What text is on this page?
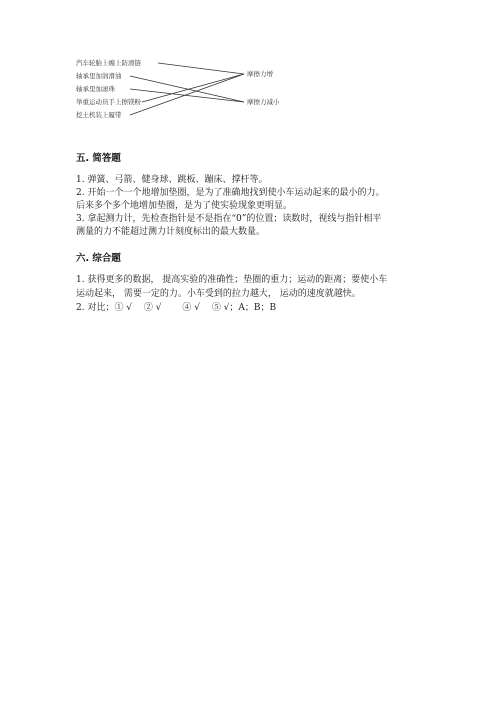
汽车轮胎上缠上防滑链
轴承里加润滑油
轴承里加滚珠
举重运动员手上擦镁粉
挖土机装上履带
摩擦力增
摩擦力减小
五. 简答题
1. 弹簧、弓箭、健身球、跳板、蹦床、撑杆等。
2. 开始一个一个地增加垫圈，是为了准确地找到使小车运动起来的最小的力。
后来多个多个地增加垫圈，是为了使实验现象更明显。
3. 拿起测力计，先检查指针是不是指在“0”的位置；读数时，视线与指针相平
测量的力不能超过测力计刻度标出的最大数量。
六. 综合题
1. 获得更多的数据， 提高实验的准确性；垫圈的重力；运动的距离；要使小车
运动起来， 需要一定的力。小车受到的拉力越大， 运动的速度就越快。
2. 对比；① √ 　② √ 　　④ √ 　⑤ √；A；B；B
